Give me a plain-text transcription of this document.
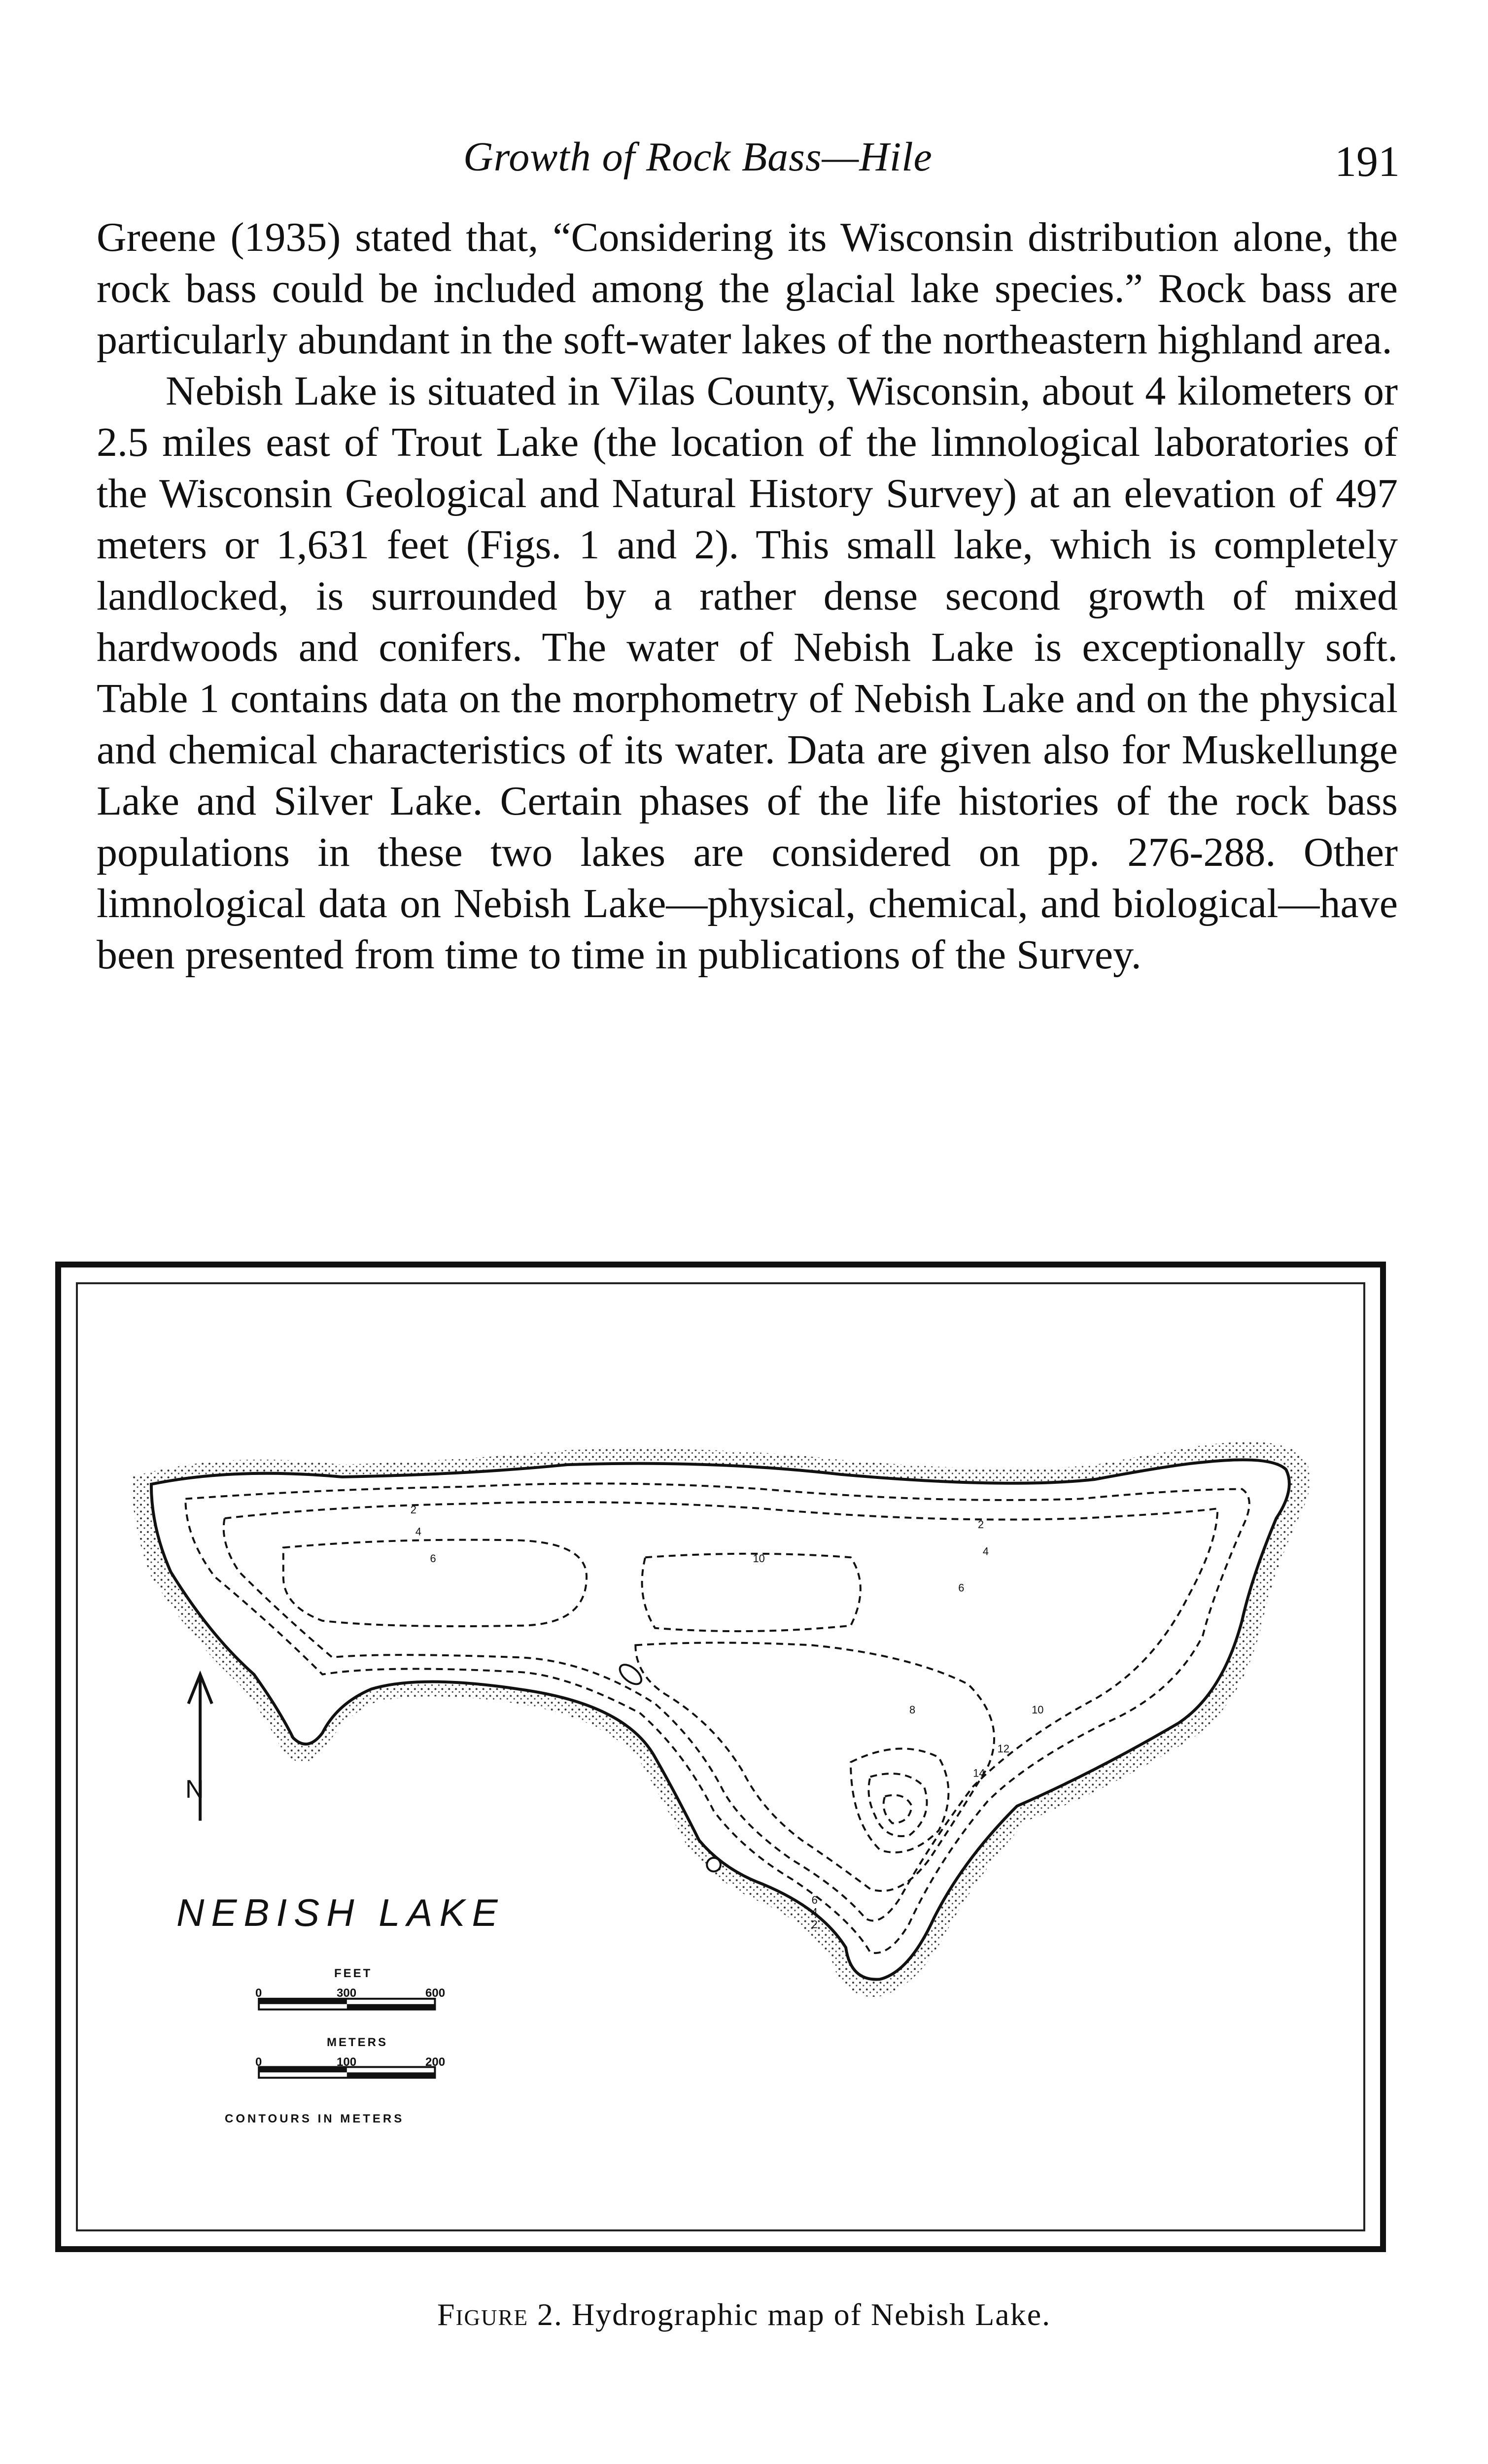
Growth of Rock Bass—Hile	191

Greene (1935) stated that, “Considering its Wisconsin distribution alone, the rock bass could be included among the glacial lake species.” Rock bass are particularly abundant in the soft-water lakes of the northeastern highland area.

Nebish Lake is situated in Vilas County, Wisconsin, about 4 kilometers or 2.5 miles east of Trout Lake (the location of the limnological laboratories of the Wisconsin Geological and Natural History Survey) at an elevation of 497 meters or 1,631 feet (Figs. 1 and 2). This small lake, which is completely landlocked, is surrounded by a rather dense second growth of mixed hardwoods and conifers. The water of Nebish Lake is exceptionally soft. Table 1 contains data on the morphometry of Nebish Lake and on the physical and chemical characteristics of its water. Data are given also for Muskellunge Lake and Silver Lake. Certain phases of the life histories of the rock bass populations in these two lakes are considered on pp. 276-288. Other limnological data on Nebish Lake—physical, chemical, and biological—have been presented from time to time in publications of the Survey.

2
4
6	10
2
4
6
8	10
12
14
6
4
2
N
NEBISH LAKE
FEET
0	300	600
METERS
0	100	200
CONTOURS IN METERS
Figure 2. Hydrographic map of Nebish Lake.
